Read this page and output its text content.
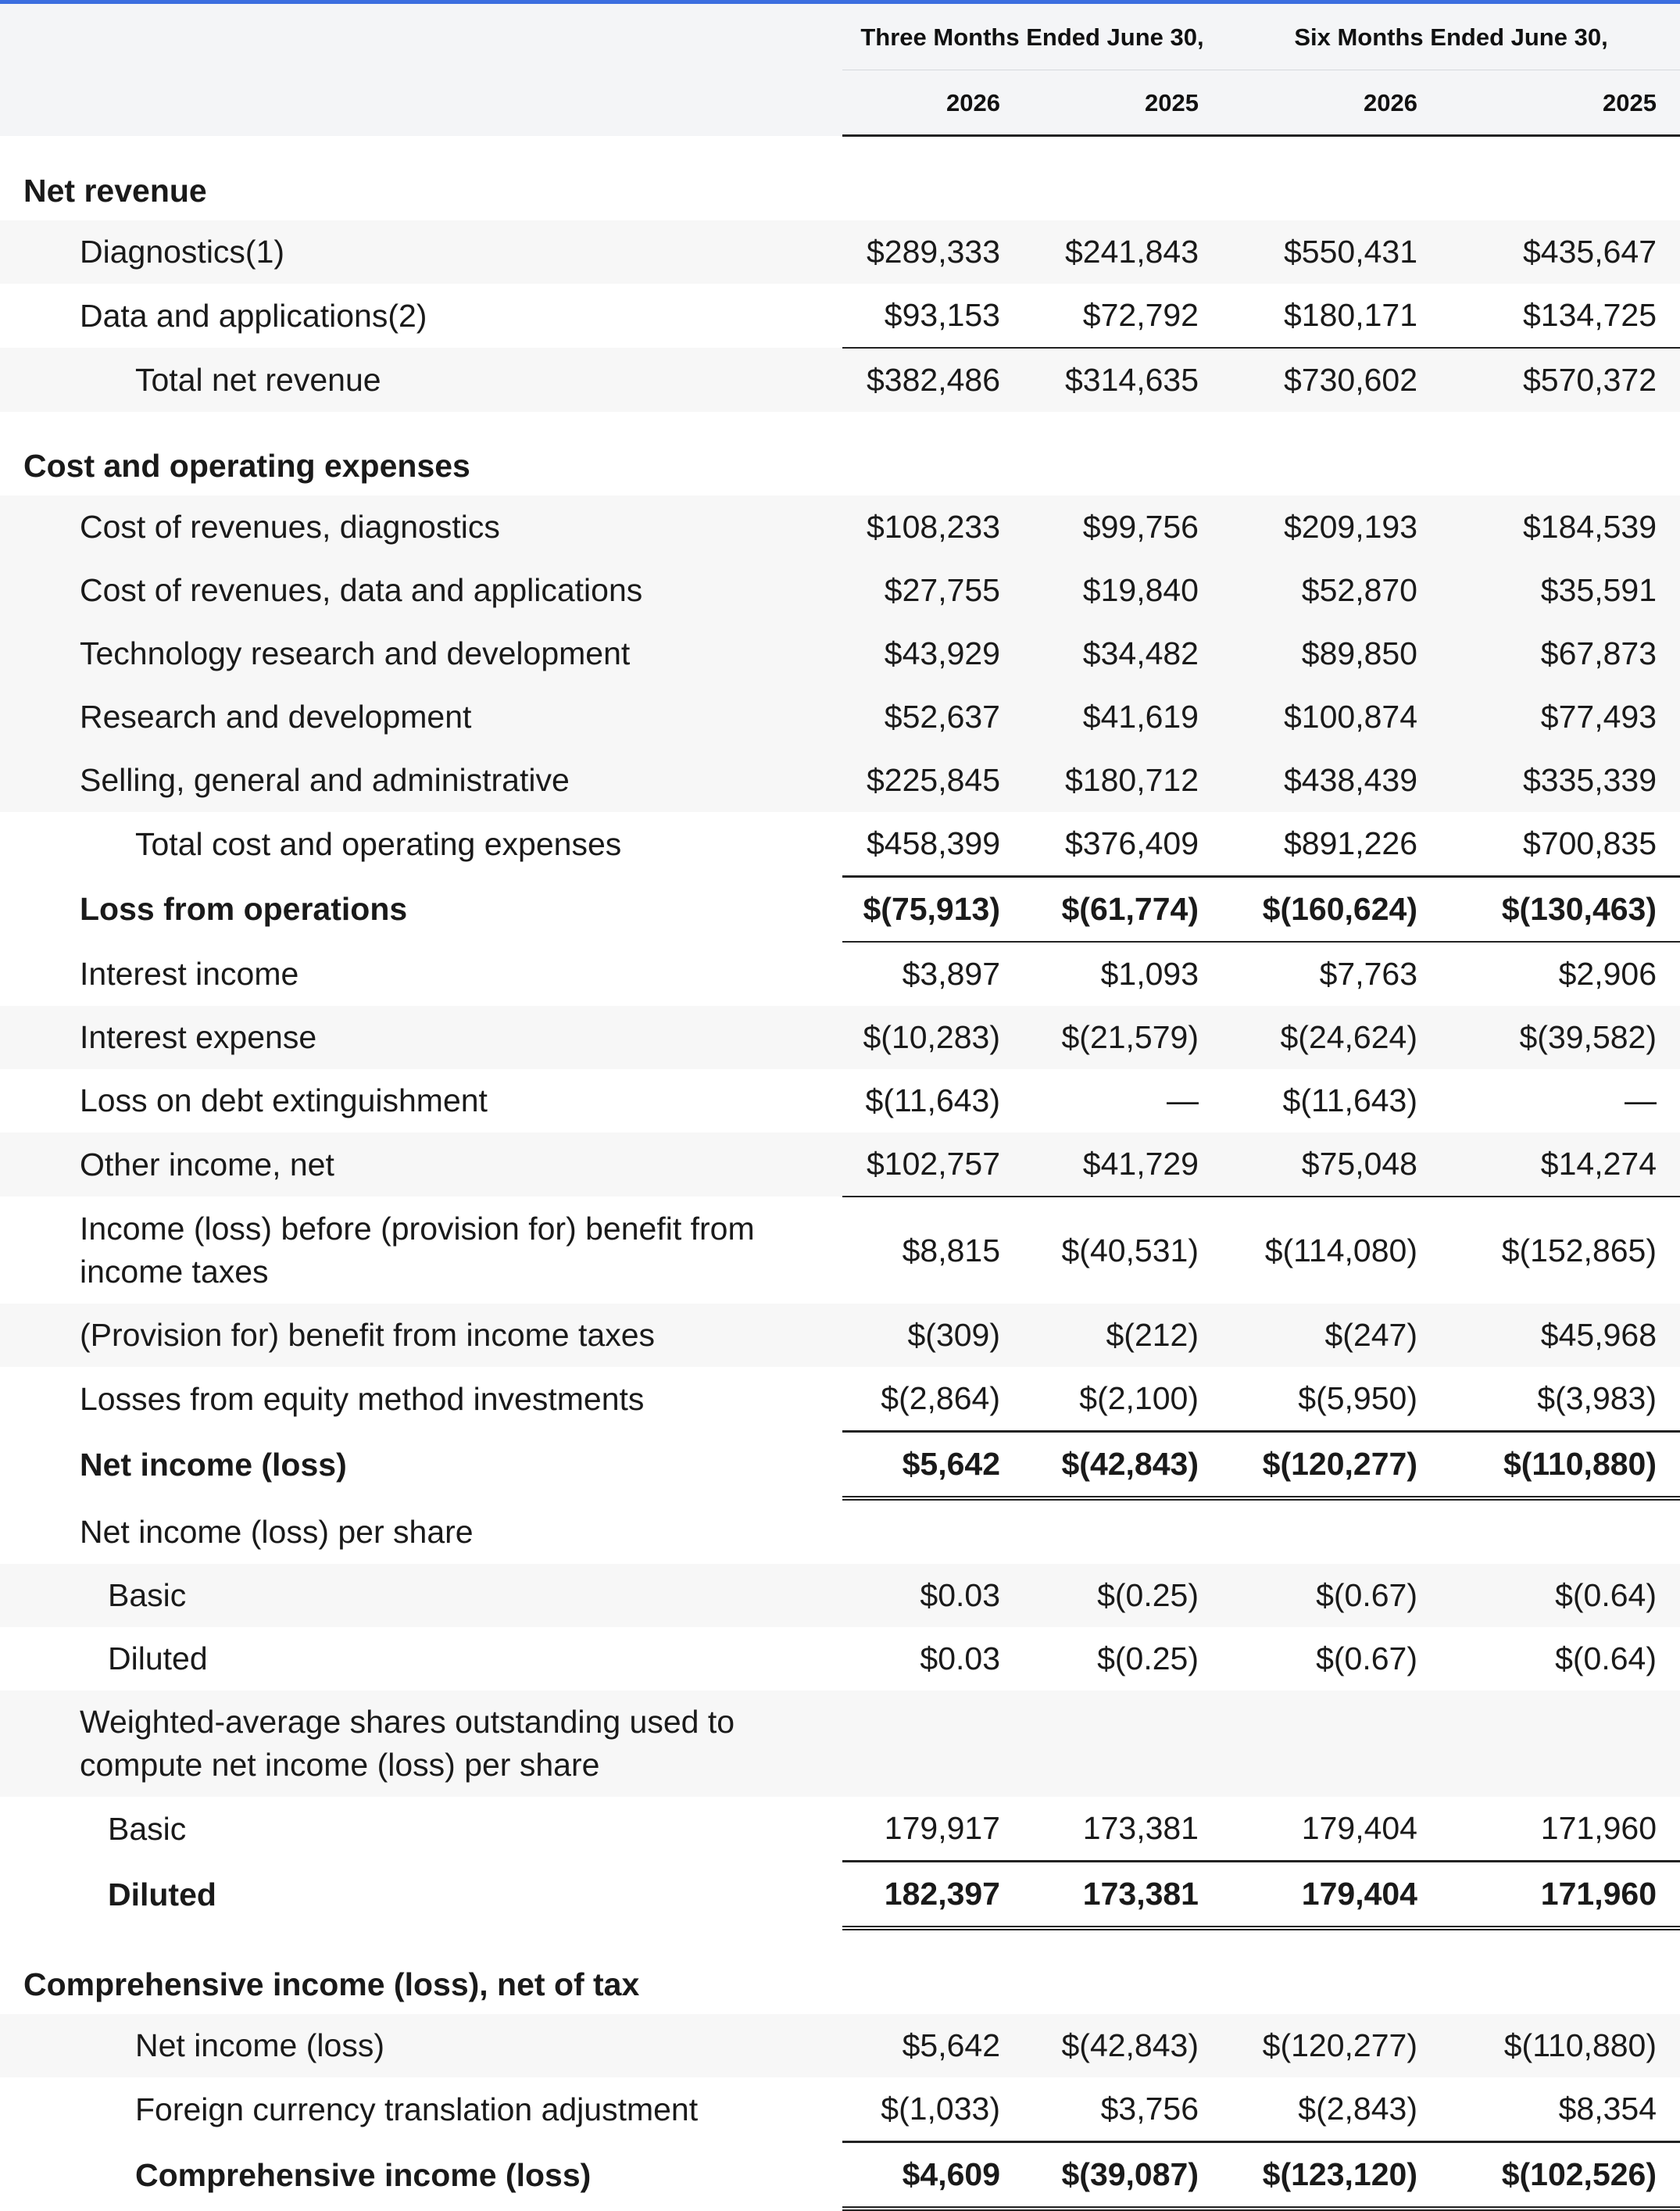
	Three Months Ended June 30,		Six Months Ended June 30,	
	2026	2025	2026	2025
Net revenue				
Diagnostics(1)	$289,333	$241,843	$550,431	$435,647
Data and applications(2)	$93,153	$72,792	$180,171	$134,725
Total net revenue	$382,486	$314,635	$730,602	$570,372
Cost and operating expenses				
Cost of revenues, diagnostics	$108,233	$99,756	$209,193	$184,539
Cost of revenues, data and applications	$27,755	$19,840	$52,870	$35,591
Technology research and development	$43,929	$34,482	$89,850	$67,873
Research and development	$52,637	$41,619	$100,874	$77,493
Selling, general and administrative	$225,845	$180,712	$438,439	$335,339
Total cost and operating expenses	$458,399	$376,409	$891,226	$700,835
Loss from operations	$(75,913)	$(61,774)	$(160,624)	$(130,463)
Interest income	$3,897	$1,093	$7,763	$2,906
Interest expense	$(10,283)	$(21,579)	$(24,624)	$(39,582)
Loss on debt extinguishment	$(11,643)	—	$(11,643)	—
Other income, net	$102,757	$41,729	$75,048	$14,274
Income (loss) before (provision for) benefit from income taxes	$8,815	$(40,531)	$(114,080)	$(152,865)
(Provision for) benefit from income taxes	$(309)	$(212)	$(247)	$45,968
Losses from equity method investments	$(2,864)	$(2,100)	$(5,950)	$(3,983)
Net income (loss)	$5,642	$(42,843)	$(120,277)	$(110,880)
Net income (loss) per share				
Basic	$0.03	$(0.25)	$(0.67)	$(0.64)
Diluted	$0.03	$(0.25)	$(0.67)	$(0.64)
Weighted-average shares outstanding used to compute net income (loss) per share				
Basic	179,917	173,381	179,404	171,960
Diluted	182,397	173,381	179,404	171,960
Comprehensive income (loss), net of tax				
Net income (loss)	$5,642	$(42,843)	$(120,277)	$(110,880)
Foreign currency translation adjustment	$(1,033)	$3,756	$(2,843)	$8,354
Comprehensive income (loss)	$4,609	$(39,087)	$(123,120)	$(102,526)
